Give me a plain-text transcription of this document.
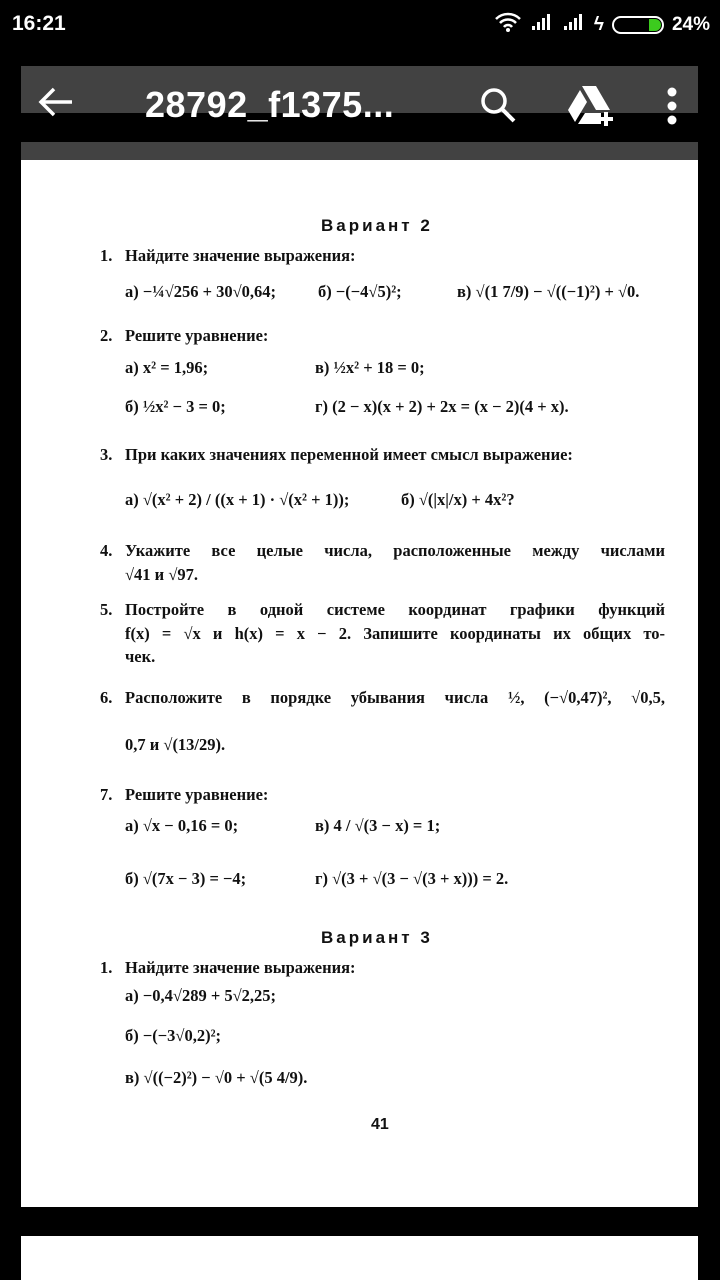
16:21	ϟ	24%
28792_f1375...
Вариант 2
1. Найдите значение выражения:
а) −¼√256 + 30√0,64;	б) −(−4√5)²;	в) √(1 7/9) − √((−1)²) + √0.
2. Решите уравнение:
а) x² = 1,96;	в) ½x² + 18 = 0;
б) ½x² − 3 = 0;	г) (2 − x)(x + 2) + 2x = (x − 2)(4 + x).
3. При каких значениях переменной имеет смысл выражение:
а) √(x² + 2) / ((x + 1) · √(x² + 1));	б) √(|x|/x) + 4x²?
4. Укажите все целые числа, расположенные между числами
√41 и √97.
5. Постройте в одной системе координат графики функций
f(x) = √x и h(x) = x − 2. Запишите координаты их общих то-
чек.
6. Расположите в порядке убывания числа ½, (−√0,47)², √0,5,
0,7 и √(13/29).
7. Решите уравнение:
а) √x − 0,16 = 0;	в) 4 / √(3 − x) = 1;
б) √(7x − 3) = −4;	г) √(3 + √(3 − √(3 + x))) = 2.
Вариант 3
1. Найдите значение выражения:
а) −0,4√289 + 5√2,25;
б) −(−3√0,2)²;
в) √((−2)²) − √0 + √(5 4/9).
41
